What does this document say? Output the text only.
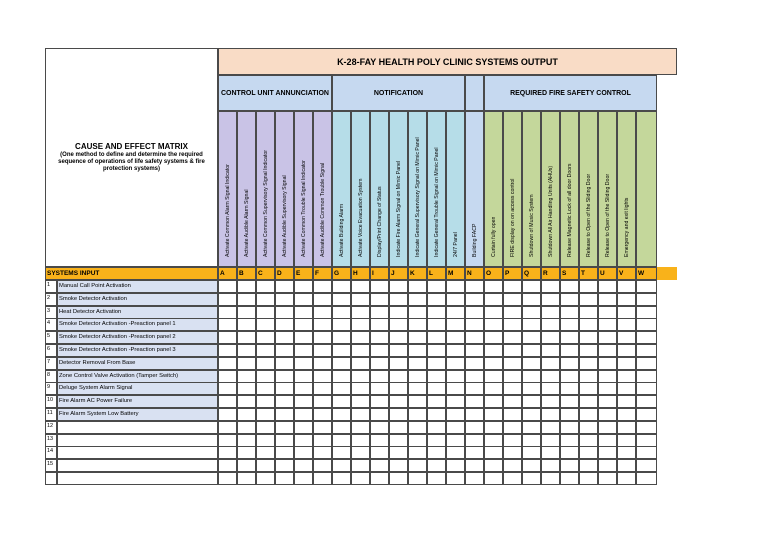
CAUSE AND EFFECT MATRIX
(One method to define and determine the required sequence of operations of life safety systems & fire protection systems)
K-28-FAY HEALTH POLY CLINIC SYSTEMS OUTPUT
CONTROL UNIT ANNUNCIATION	NOTIFICATION	REQUIRED FIRE SAFETY CONTROL
Activate Common Alarm Signal Indicator	Activate Audible Alarm Signal	Activate Common Supervisory Signal Indicator	Activate Audible Supervisory Signal	Activate Common Trouble Signal Indicator	Activate Audible Common Trouble Signal	Activate Building Alarm	Activate Voice Evacuation System	Display/Print Change of Status	Indicate Fire Alarm Signal on Mimic Panel	Indicate General Supervisory Signal on Mimic Panel	Indicate General Trouble Signal on Mimic Panel	24/7 Panel	Building FACP	Curtain fully open	FIRE display on on access control	Shutdown of Music System	Shutdown All Air Handling Units (AHUs)	Release Magnetic Lock of all door Doors	Release to Open of the Sliding Door	Release to Open of the Sliding Door	Emergency and exit lights
SYSTEMS INPUT	A	B	C	D	E	F	G	H	I	J	K	L	M	N	O	P	Q	R	S	T	U	V	W
1	Manual Call Point Activation
2	Smoke Detector Activation
3	Heat Detector Activation
4	Smoke Detector Activation -Preaction panel 1
5	Smoke Detector Activation -Preaction panel 2
6	Smoke Detector Activation -Preaction panel 3
7	Detector Removal From Base
8	Zone Control Valve Activation (Tamper Switch)
9	Deluge System Alarm Signal
10	Fire Alarm AC Power Failure
11	Fire Alarm System Low Battery
12
13
14
15
